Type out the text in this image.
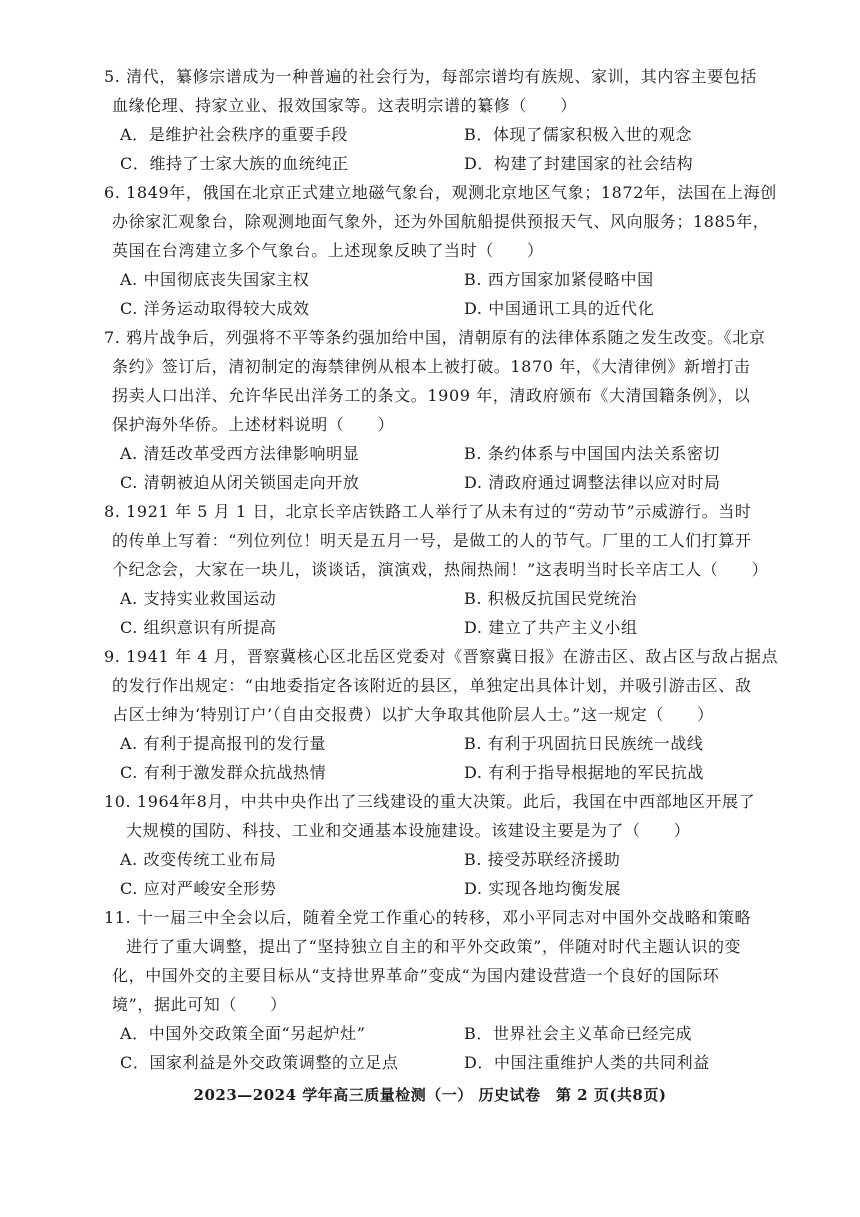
5. 清代，纂修宗谱成为一种普遍的社会行为，每部宗谱均有族规、家训，其内容主要包括
血缘伦理、持家立业、报效国家等。这表明宗谱的纂修（　　）
A．是维护社会秩序的重要手段	B．体现了儒家积极入世的观念
C．维持了士家大族的血统纯正	D．构建了封建国家的社会结构
6. 1849年，俄国在北京正式建立地磁气象台，观测北京地区气象；1872年，法国在上海创
办徐家汇观象台，除观测地面气象外，还为外国航船提供预报天气、风向服务；1885年，
英国在台湾建立多个气象台。上述现象反映了当时（　　）
A. 中国彻底丧失国家主权	B. 西方国家加紧侵略中国
C. 洋务运动取得较大成效	D. 中国通讯工具的近代化
7. 鸦片战争后，列强将不平等条约强加给中国，清朝原有的法律体系随之发生改变。《北京
条约》签订后，清初制定的海禁律例从根本上被打破。1870 年，《大清律例》新增打击
拐卖人口出洋、允许华民出洋务工的条文。1909 年，清政府颁布《大清国籍条例》，以
保护海外华侨。上述材料说明（　　）
A. 清廷改革受西方法律影响明显	B. 条约体系与中国国内法关系密切
C. 清朝被迫从闭关锁国走向开放	D. 清政府通过调整法律以应对时局
8. 1921 年 5 月 1 日，北京长辛店铁路工人举行了从未有过的“劳动节”示威游行。当时
的传单上写着：“列位列位！明天是五月一号，是做工的人的节气。厂里的工人们打算开
个纪念会，大家在一块儿，谈谈话，演演戏，热闹热闹！”这表明当时长辛店工人（　　）
A. 支持实业救国运动	B. 积极反抗国民党统治
C. 组织意识有所提高	D. 建立了共产主义小组
9. 1941 年 4 月，晋察冀核心区北岳区党委对《晋察冀日报》在游击区、敌占区与敌占据点
的发行作出规定：“由地委指定各该附近的县区，单独定出具体计划，并吸引游击区、敌
占区士绅为‘特别订户’（自由交报费）以扩大争取其他阶层人士。”这一规定（　　）
A. 有利于提高报刊的发行量	B. 有利于巩固抗日民族统一战线
C. 有利于激发群众抗战热情	D. 有利于指导根据地的军民抗战
10. 1964年8月，中共中央作出了三线建设的重大决策。此后，我国在中西部地区开展了
大规模的国防、科技、工业和交通基本设施建设。该建设主要是为了（　　）
A. 改变传统工业布局	B. 接受苏联经济援助
C. 应对严峻安全形势	D. 实现各地均衡发展
11. 十一届三中全会以后，随着全党工作重心的转移，邓小平同志对中国外交战略和策略
进行了重大调整，提出了“坚持独立自主的和平外交政策”，伴随对时代主题认识的变
化，中国外交的主要目标从“支持世界革命”变成“为国内建设营造一个良好的国际环
境”，据此可知（　　）
A．中国外交政策全面“另起炉灶”	B．世界社会主义革命已经完成
C．国家利益是外交政策调整的立足点	D．中国注重维护人类的共同利益
2023—2024 学年高三质量检测（一） 历史试卷　第 2 页(共8页)
